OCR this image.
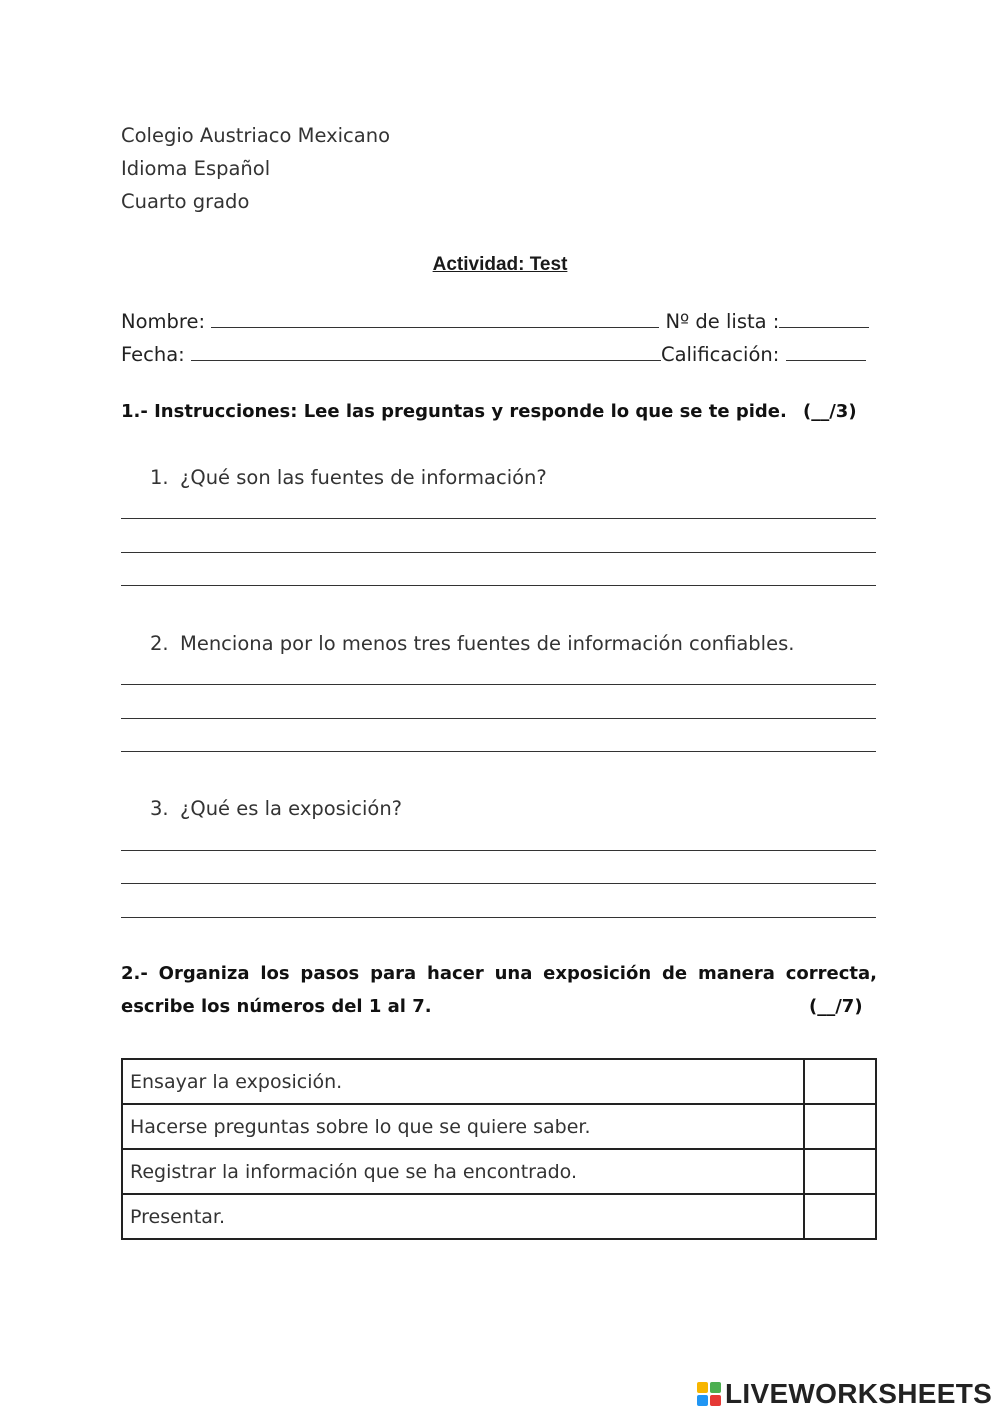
Colegio Austriaco Mexicano
Idioma Español
Cuarto grado
Actividad: Test
Nombre:	Nº de lista :
Fecha:	Calificación:
1.- Instrucciones: Lee las preguntas y responde lo que se te pide. (__/3)
1. ¿Qué son las fuentes de información?
2. Menciona por lo menos tres fuentes de información confiables.
3. ¿Qué es la exposición?
2.- Organiza los pasos para hacer una exposición de manera correcta,
escribe los números del 1 al 7.	(__/7)
Ensayar la exposición.	
Hacerse preguntas sobre lo que se quiere saber.	
Registrar la información que se ha encontrado.	
Presentar.	
LIVEWORKSHEETS
